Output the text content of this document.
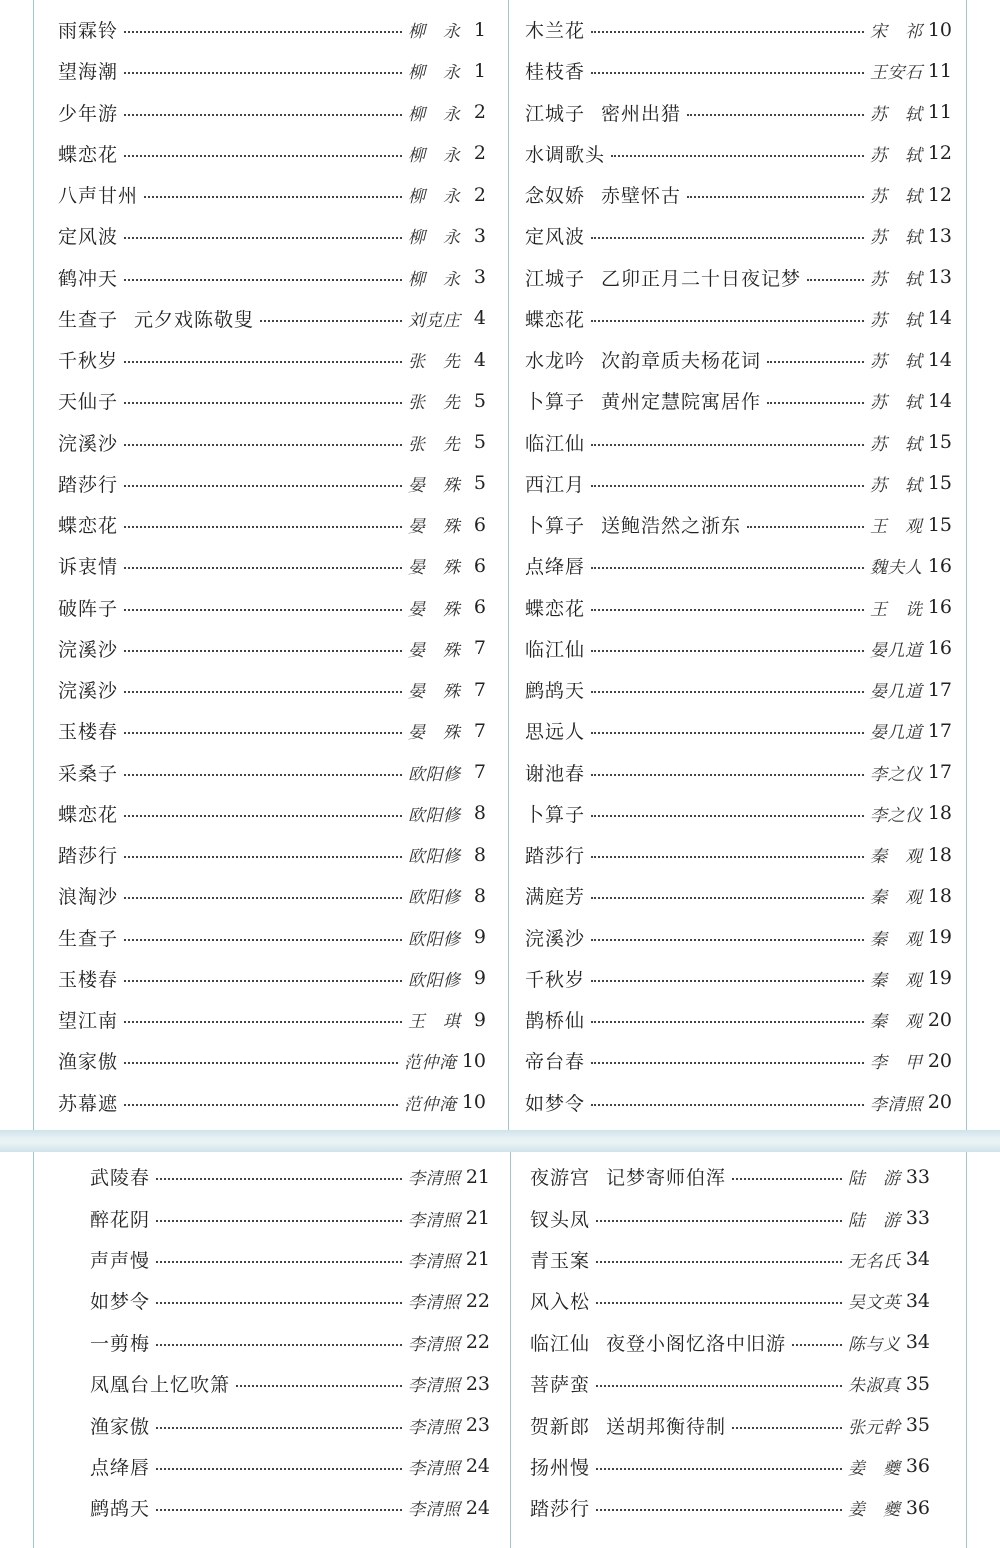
雨霖铃	柳　永 1
望海潮	柳　永 1
少年游	柳　永 2
蝶恋花	柳　永 2
八声甘州	柳　永 2
定风波	柳　永 3
鹤冲天	柳　永 3
生查子 元夕戏陈敬叟	刘克庄 4
千秋岁	张　先 4
天仙子	张　先 5
浣溪沙	张　先 5
踏莎行	晏　殊 5
蝶恋花	晏　殊 6
诉衷情	晏　殊 6
破阵子	晏　殊 6
浣溪沙	晏　殊 7
浣溪沙	晏　殊 7
玉楼春	晏　殊 7
采桑子	欧阳修 7
蝶恋花	欧阳修 8
踏莎行	欧阳修 8
浪淘沙	欧阳修 8
生查子	欧阳修 9
玉楼春	欧阳修 9
望江南	王　琪 9
渔家傲	范仲淹 10
苏幕遮	范仲淹 10
木兰花	宋　祁 10
桂枝香	王安石 11
江城子 密州出猎	苏　轼 11
水调歌头	苏　轼 12
念奴娇 赤壁怀古	苏　轼 12
定风波	苏　轼 13
江城子 乙卯正月二十日夜记梦	苏　轼 13
蝶恋花	苏　轼 14
水龙吟 次韵章质夫杨花词	苏　轼 14
卜算子 黄州定慧院寓居作	苏　轼 14
临江仙	苏　轼 15
西江月	苏　轼 15
卜算子 送鲍浩然之浙东	王　观 15
点绛唇	魏夫人 16
蝶恋花	王　诜 16
临江仙	晏几道 16
鹧鸪天	晏几道 17
思远人	晏几道 17
谢池春	李之仪 17
卜算子	李之仪 18
踏莎行	秦　观 18
满庭芳	秦　观 18
浣溪沙	秦　观 19
千秋岁	秦　观 19
鹊桥仙	秦　观 20
帝台春	李　甲 20
如梦令	李清照 20
武陵春	李清照 21
醉花阴	李清照 21
声声慢	李清照 21
如梦令	李清照 22
一剪梅	李清照 22
凤凰台上忆吹箫	李清照 23
渔家傲	李清照 23
点绛唇	李清照 24
鹧鸪天	李清照 24
夜游宫 记梦寄师伯浑	陆　游 33
钗头凤	陆　游 33
青玉案	无名氏 34
风入松	吴文英 34
临江仙 夜登小阁忆洛中旧游	陈与义 34
菩萨蛮	朱淑真 35
贺新郎 送胡邦衡待制	张元幹 35
扬州慢	姜　夔 36
踏莎行	姜　夔 36
